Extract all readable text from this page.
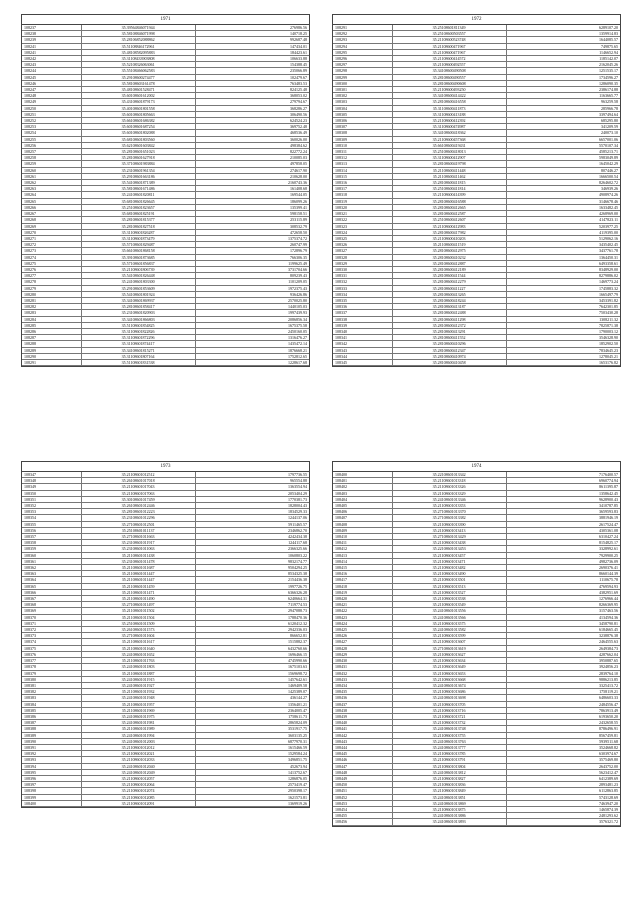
1971
108237	35.39564846071944	276986.56
108238	35.58108846071998	140718.25
108239	35.28106852088862	992687.48
108241	35.51108846172961	147434.01
108241	35.48108582095883	184423.61
108242	35.31108433903808	106633.88
108243	35.52108326063061	154388.45
108244	35.55108466062583	235066.89
108245	35.29108600274477	102479.67
108246	35.58108603161478	763483.53
108247	35.48108601528471	824125.48
108248	35.60108601612002	368053.02
108249	35.43108601879173	279794.67
108250	35.40108601801558	368286.27
108251	35.60108601805663	306490.56
108252	35.66108601686382	624524.23
108253	35.60108601687254	369752.48
108254	35.60108601802088	468536.49
108255	35.68108601803560	360026.00
108256	35.62108601603842	498384.62
108257	35.28108601651023	822772.24
108258	35.28108601627918	210085.03
108259	35.37108601983884	497858.05
108260	35.23108601961354	274617.90
108261	35.29108601663186	210628.00
108262	35.54108601871389	2160743.36
108263	35.58108601671486	161408.68
108264	35.24108601820811	169544.05
108265	35.68108601826645	186099.26
108266	35.25108601823657	135399.41
108267	35.68108601825191	598158.51
108268	35.28108601815377	253115.89
108269	35.28108601827518	308532.79
108270	35.31108601826287	472658.50
108271	35.31108601873479	1375374.72
108272	35.57108601829487	260747.99
108273	35.66108601868158	172896.79
108274	35.39108601873685	766306.35
108275	35.57108601856837	1199625.49
108276	35.21108601806739	3731704.66
108277	35.54108601826448	809239.43
108278	35.24108601803300	1101209.05
108279	35.29108601853609	1972375.43
108280	35.54108601801924	936426.86
108281	35.34108601869937	2570025.80
108282	35.28108601858417	1440105.03
108283	35.23108601820903	1997439.93
108284	35.34108601866803	2086856.34
108285	35.51108601854825	1675375.58
108286	35.31108601822826	2450160.05
108287	35.31108601872296	1316476.27
108288	35.31108601874417	1435472.14
108289	35.34108601815271	1876668.21
108290	35.31108601807164	1752812.65
108291	35.51108601831538	1228617.68
1972
108291	35.25108601811349	6289107.20
108292	35.25108600503557	1359914.83
108293	35.21108600523748	1644085.57
108294	35.21108600471967	749875.65
108295	35.21108600471967	1146652.94
108296	35.21108600414572	1185142.07
108297	35.21108600492557	2162045.26
108298	35.34108600490508	1251535.17
108299	35.28108600490557	1734596.27
108300	35.28108600490608	1286090.35
108301	35.21108600493250	2386174.88
108302	35.34108600414422	1163665.77
108303	35.28108600416558	963259.58
108304	35.31108600411873	285966.78
108305	35.31108600413188	3397494.64
108306	35.21108600412392	685295.80
108307	35.31108600474987	341209.59
108308	35.34108600418362	240073.10
108309	35.21108600457368	6657001.06
108310	35.66108600419431	5570107.34
108311	35.25108600418013	4585213.71
108312	35.31108600412907	5983049.89
108313	35.28108600419798	1645042.29
108314	35.21108600411448	807446.27
108315	35.21108600411462	1666500.54
108316	35.28108600411815	8264602.72
108317	35.25108600411814	346939.26
108318	35.21108600414399	4908974.26
108319	35.28108600416588	3146678.46
108320	35.28108600412665	1633482.45
108321	35.28108600412587	4268969.00
108322	35.25108600412607	4147823.11
108323	35.21108600412983	5203977.25
108324	35.28108600417982	4119395.00
108325	35.21108600410203	5129062.16
108326	35.21108600411519	3435402.45
108327	35.28108600412975	3437761.78
108328	35.28108600410232	1364450.31
108329	35.28108600412887	6493358.61
108330	35.28108600412189	8348929.00
108331	35.28108600411544	8279886.02
108332	35.28108600412279	1469773.24
108333	35.28108600411227	1745883.32
108334	35.28108600413265	1665497.79
108335	35.28108600418244	3453391.82
108336	35.28108600413187	7642301.85
108337	35.28108600412488	7503430.28
108338	35.28108600411298	1308211.32
108339	35.28108600412372	7825871.38
108340	35.28108600413291	1790003.12
108341	35.28108600411552	3546328.90
108342	35.28108600410296	1852902.50
108343	35.28108600412347	7834645.23
108344	35.28108600410974	1278045.21
108345	35.28108600410458	1653176.82
1973
108347	35.21108601012512	1797736.55
108348	35.26108601017018	965554.88
108349	35.21108601017043	1363554.94
108350	35.21108601017063	2053404.29
108351	35.30108601017459	1770381.73
108352	35.26108601012446	1828004.43
108353	35.28108601012223	1834529.33
108354	35.23108601012296	1244137.06
108355	35.27108601012501	5911465.57
108356	35.25108601011137	2346862.70
108357	35.27108601011663	4242434.38
108358	35.23108601011917	1244117.68
108359	35.23108601011063	2366325.66
108360	35.21108601011438	1060803.22
108361	35.23108601011478	9832174.77
108362	35.21108601011687	9504294.25
108363	35.21108601011447	8534325.38
108364	35.21108601011447	2154436.38
108365	35.21108601011459	1997726.75
108366	35.21108601011471	6366326.28
108367	35.21108601011490	6240664.31
108368	35.27108601011497	7119774.53
108369	35.21108601011502	2947088.73
108370	35.21108601011504	1788470.36
108371	35.25108601011509	6120412.32
108372	35.26108601011573	2942336.03
108373	35.27108601011604	866652.81
108374	35.21108601011617	1515882.37
108375	35.21108601011640	6432760.66
108376	35.24108601011652	1696466.15
108377	35.21108601011763	4745990.66
108378	35.24108601011803	1675103.63
108379	35.21108601011887	1569698.72
108380	35.24108601011915	1457642.61
108381	35.24108601011927	1469409.58
108382	35.21108601011932	1425389.07
108383	35.24108601011948	436144.27
108384	35.21108601011957	1356401.21
108385	35.21108601011969	2364005.47
108386	35.24108601011975	1758611.73
108387	35.24108601011981	2865824.09
108388	35.21108601011989	3531917.75
108389	35.24108601011994	3603135.25
108390	35.24108601012003	6877970.31
108391	35.21108601012012	1615466.59
108392	35.21108601012021	1529584.24
108393	35.21108601012033	3496851.75
108394	35.24108601012040	452673.94
108395	35.24108601012049	1413752.67
108396	35.21108601012057	1286876.05
108397	35.21108601012064	2573419.47
108398	35.21108601012074	2950398.17
108399	35.21108601012085	1621573.81
108400	35.21108601012091	1369919.26
1974
108400	35.22108601013342	7176400.57
108401	35.21108601013318	6960774.94
108402	35.21108601013326	8611395.87
108403	35.21108601013329	1358642.45
108404	35.24108601013346	9628900.43
108405	35.21108601013353	3410787.85
108406	35.27108601013370	3659593.83
108407	35.27108601013382	3881946.19
108408	35.21108601013390	2617524.47
108409	35.21108601013413	4305361.08
108410	35.27108601013429	6310427.24
108411	35.21108601013438	8154825.17
108412	35.22108601013453	3328992.61
108413	35.21108601013457	7929900.25
108414	35.21108601013471	4982736.09
108415	35.21108601013482	2690376.41
108416	35.21108601013490	8660144.39
108417	35.21108601013501	1110675.78
108418	35.21108601013513	4769594.93
108419	35.21108601013527	4382951.69
108420	35.21108601013538	1276966.44
108421	35.21108601013549	8266369.95
108422	35.24108601013556	3157463.56
108423	35.24108601013566	4134594.36
108424	35.21108601013575	3458790.81
108425	35.24108601013582	6184665.45
108426	35.21108601013599	3238876.38
108427	35.21108601013607	2464555.63
108428	35.27108601013619	2649384.73
108429	35.21108601013627	4287662.04
108430	35.21108601013634	3950887.65
108431	35.21108601013649	3924856.23
108432	35.21108601013653	2839764.10
108433	35.21108601013668	9886213.85
108434	35.24108601013674	3325413.72
108435	35.21108601013686	1758119.21
108436	35.24108601013698	6486603.33
108437	35.21108601013705	2484556.47
108438	35.21108601013716	7863913.49
108439	35.21108601013721	6193650.20
108440	35.21108601013732	2432658.55
108441	35.24108601013748	8786496.91
108442	35.21108601013755	8567459.81
108443	35.24108601013763	5939511.68
108444	35.24108601013777	3524668.82
108445	35.21108601013785	6303974.67
108446	35.21108601013791	3575469.80
108447	35.21108601013804	2643752.00
108448	35.24108601013812	5623412.47
108449	35.21108601013827	6412389.69
108450	35.21108601013836	2893481.23
108451	35.21108601013849	6112863.85
108452	35.24108601013851	5743128.69
108453	35.24108601013869	7463947.20
108454	35.21108601013875	1465874.39
108455	35.24108601013886	2481293.62
108456	35.24108601013893	3576321.72
